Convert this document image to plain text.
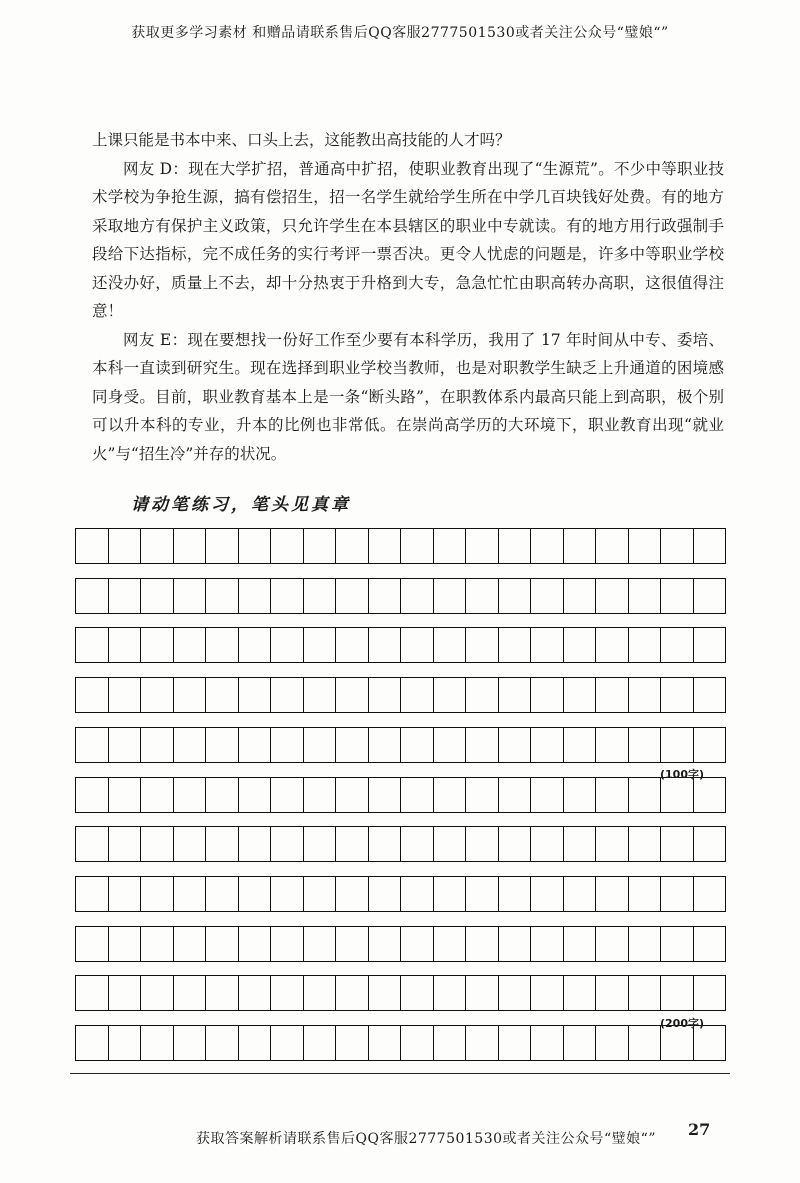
获取更多学习素材 和赠品请联系售后QQ客服2777501530或者关注公众号“璧娘“”

上课只能是书本中来、口头上去，这能教出高技能的人才吗？

网友 D：现在大学扩招，普通高中扩招，使职业教育出现了“生源荒”。不少中等职业技术学校为争抢生源，搞有偿招生，招一名学生就给学生所在中学几百块钱好处费。有的地方采取地方有保护主义政策，只允许学生在本县辖区的职业中专就读。有的地方用行政强制手段给下达指标，完不成任务的实行考评一票否决。更令人忧虑的问题是，许多中等职业学校还没办好，质量上不去，却十分热衷于升格到大专，急急忙忙由职高转办高职，这很值得注意！

网友 E：现在要想找一份好工作至少要有本科学历，我用了 17 年时间从中专、委培、本科一直读到研究生。现在选择到职业学校当教师，也是对职教学生缺乏上升通道的困境感同身受。目前，职业教育基本上是一条“断头路”，在职教体系内最高只能上到高职，极个别可以升本科的专业，升本的比例也非常低。在崇尚高学历的大环境下，职业教育出现“就业火”与“招生冷”并存的状况。

请动笔练习，笔头见真章
(100字)
(200字)
获取答案解析请联系售后QQ客服2777501530或者关注公众号“璧娘“” 27
